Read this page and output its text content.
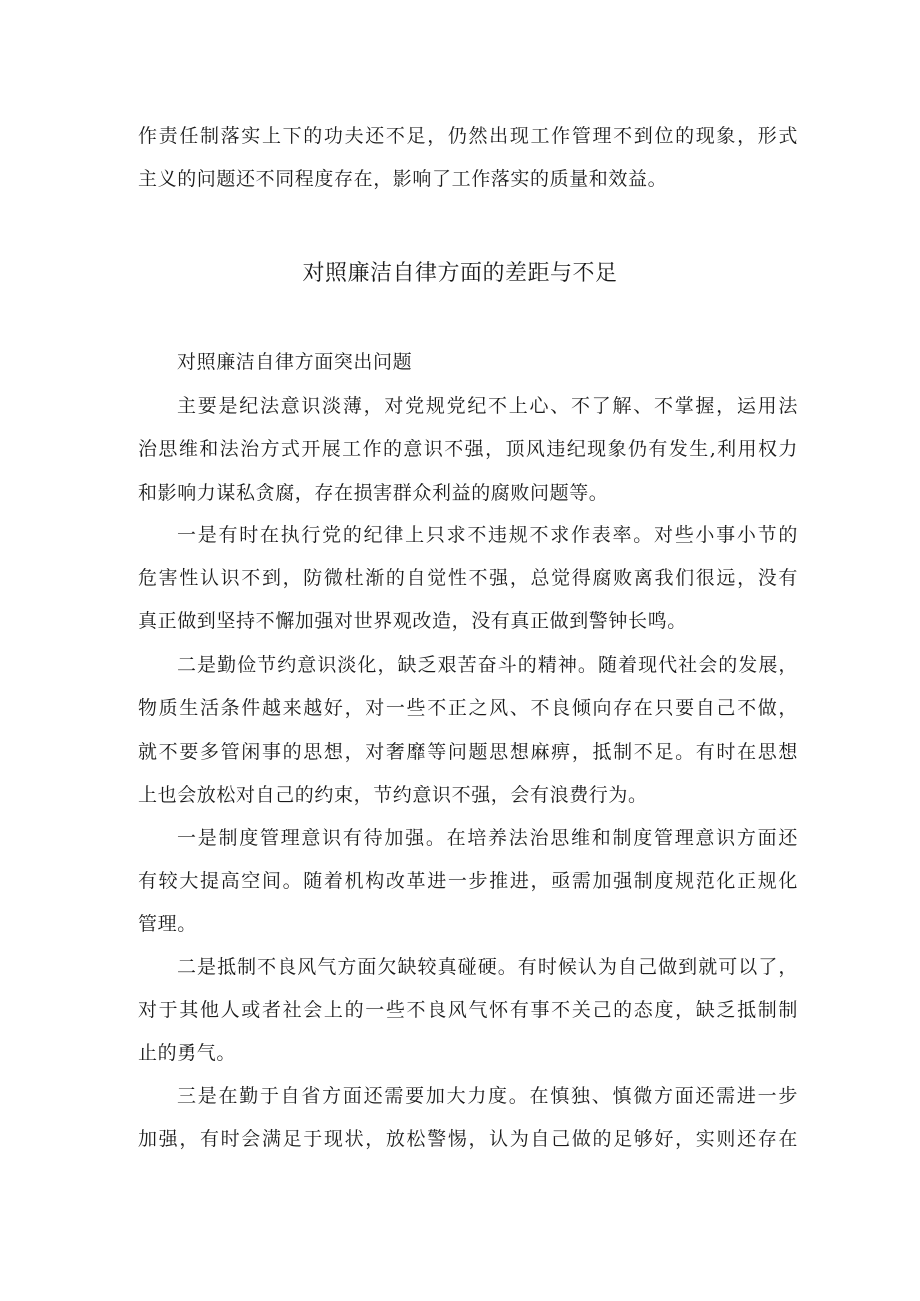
作责任制落实上下的功夫还不足，仍然出现工作管理不到位的现象，形式
主义的问题还不同程度存在，影响了工作落实的质量和效益。
对照廉洁自律方面的差距与不足
对照廉洁自律方面突出问题
主要是纪法意识淡薄，对党规党纪不上心、不了解、不掌握，运用法
治思维和法治方式开展工作的意识不强，顶风违纪现象仍有发生,利用权力
和影响力谋私贪腐，存在损害群众利益的腐败问题等。
一是有时在执行党的纪律上只求不违规不求作表率。对些小事小节的
危害性认识不到，防微杜渐的自觉性不强，总觉得腐败离我们很远，没有
真正做到坚持不懈加强对世界观改造，没有真正做到警钟长鸣。
二是勤俭节约意识淡化，缺乏艰苦奋斗的精神。随着现代社会的发展，
物质生活条件越来越好，对一些不正之风、不良倾向存在只要自己不做，
就不要多管闲事的思想，对奢靡等问题思想麻痹，抵制不足。有时在思想
上也会放松对自己的约束，节约意识不强，会有浪费行为。
一是制度管理意识有待加强。在培养法治思维和制度管理意识方面还
有较大提高空间。随着机构改革进一步推进，亟需加强制度规范化正规化
管理。
二是抵制不良风气方面欠缺较真碰硬。有时候认为自己做到就可以了，
对于其他人或者社会上的一些不良风气怀有事不关己的态度，缺乏抵制制
止的勇气。
三是在勤于自省方面还需要加大力度。在慎独、慎微方面还需进一步
加强，有时会满足于现状，放松警惕，认为自己做的足够好，实则还存在
